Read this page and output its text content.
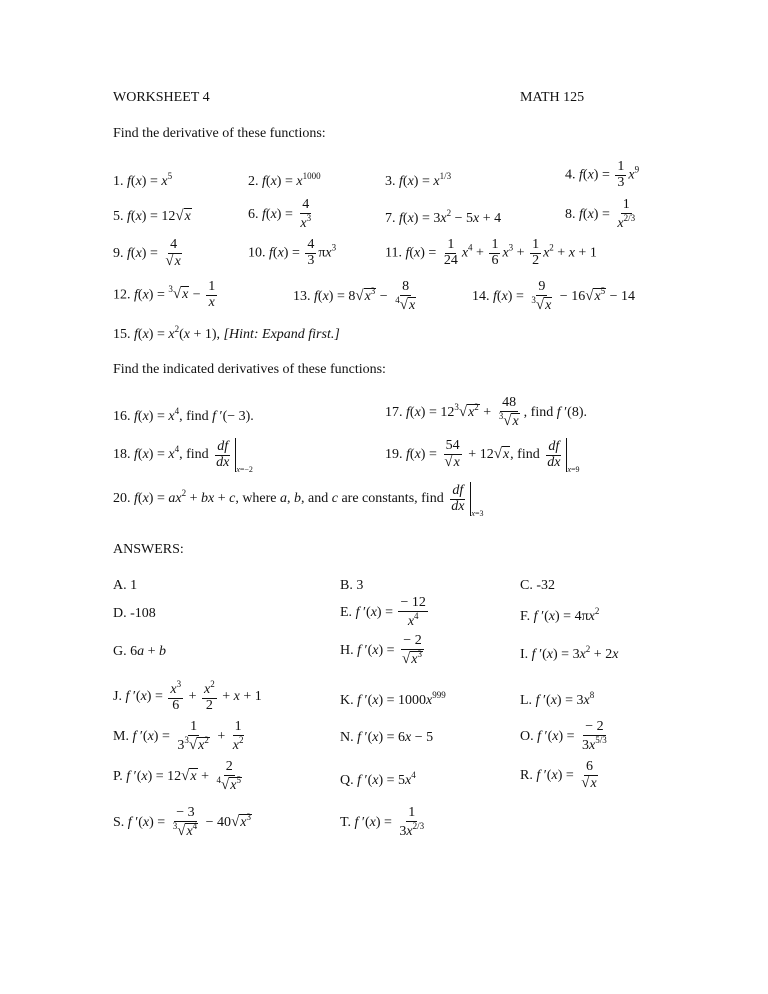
WORKSHEET 4	MATH 125
Find the derivative of these functions:
1. $f(x) = x^5$	2. $f(x) = x^{1000}$	3. $f(x) = x^{1/3}$	4. $f(x) = \frac{1}{3} x^9$
5. f(x) = 12√x	6. $f(x) = \frac{4}{x^3}$	7. $f(x) = 3x^2 - 5x + 4$	8. $f(x) = \frac{1}{x^{2/3}}$
9. $f(x) = \frac{4}{√x}$	10. $f(x) = \frac{4}{3} \pi x^3$	11. $f(x) = \frac{1}{24} x^4 + \frac{1}{6} x^3 + \frac{1}{2} x^2 + x + 1$
12. $f(x) = ^3√x - \frac{1}{x}$	13. $f(x) = 8√x^3 - \frac{8}{^4√x}$	14. $f(x) = \frac{9}{^3√x} - 16√x^5 - 14$
15. $f(x) = x^2(x + 1)$, [Hint: Expand first.]
Find the indicated derivatives of these functions:
16. $f(x) = x^4$, find f ′(− 3).	17. $f(x) = 12^3√x^2 + \frac{48}{^3√x}$ , find f ′(8).
18. $f(x) = x^4$, find $\frac{df}{dx} _{x=-2}$
19. $f(x) = \frac{54}{√x} + 12√x$, find $\frac{df}{dx} _{x=9}$
20. $f(x) = ax^2$ + bx + c, where a, b, and c are constants, find $\frac{df}{dx} _{x=3}$
ANSWERS:
A. 1	B. 3	C. -32
D. -108	E. f $'(x) = \frac{- 12}{x^4}$	F. f $'(x) = 4\pi x^2$
G. 6a + b	H. f $'(x) = \frac{- 2}{√x^3}$	I. f $'(x) = 3x^2 + 2x$
J. f $'(x) = \frac{x^3}{6} + \frac{x^2}{2} + x + 1$	K. f $'(x) = 1000x^{999}$	L. f $'(x) = 3x^8$
M. f $'(x) = \frac{1}{3^3√x^2} + \frac{1}{x^2}$	N. f ′(x) = 6x − 5	O. f $'(x) = \frac{- 2}{3x^{5/3}}$
P. f $'(x) = 12√x + \frac{2}{^4√x^5}$	Q. f $'(x) = 5x^4$	R. f $'(x) = \frac{6}{√x}$
S. f $'(x) = \frac{- 3}{^3√x^4} - 40√x^3$	T. f $'(x) = \frac{1}{3x^{2/3}}$
